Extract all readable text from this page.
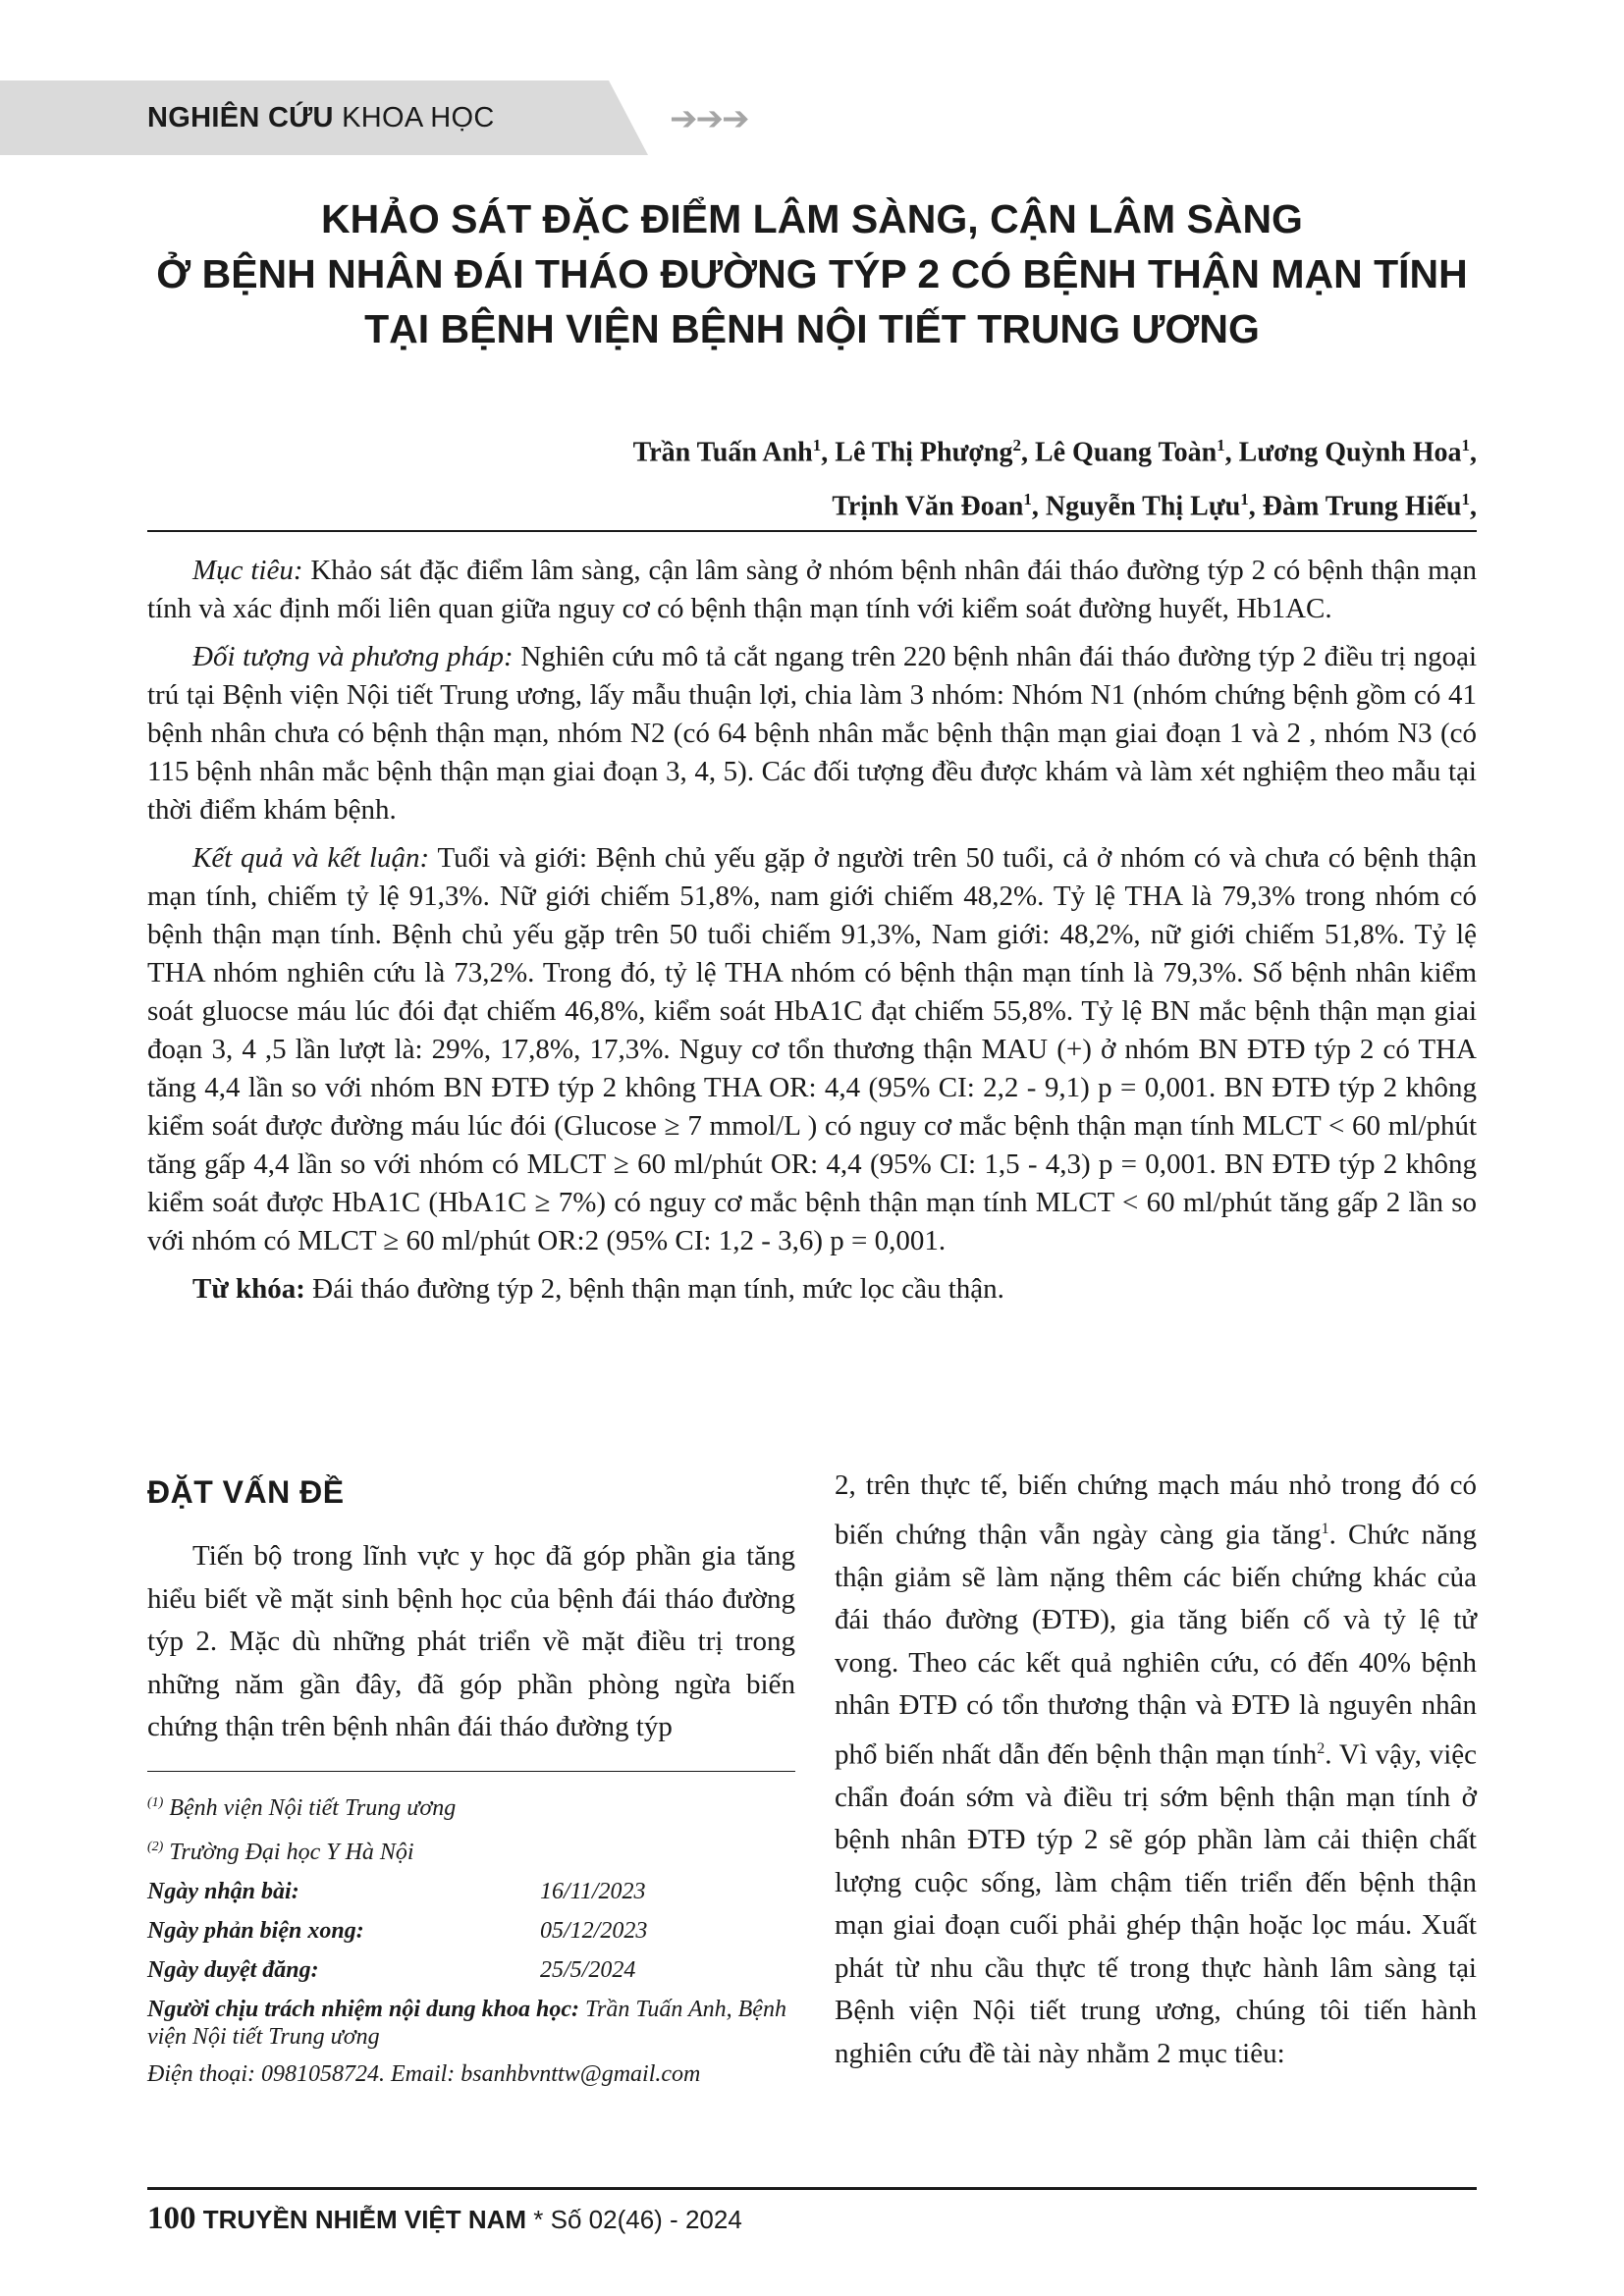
NGHIÊN CỨU KHOA HỌC	➔➔➔
KHẢO SÁT ĐẶC ĐIỂM LÂM SÀNG, CẬN LÂM SÀNG
Ở BỆNH NHÂN ĐÁI THÁO ĐƯỜNG TÝP 2 CÓ BỆNH THẬN MẠN TÍNH
TẠI BỆNH VIỆN BỆNH NỘI TIẾT TRUNG ƯƠNG
Trần Tuấn Anh$^1$, Lê Thị Phượng$^2$, Lê Quang Toàn$^1$, Lương Quỳnh Hoa$^1$,
Trịnh Văn Đoan$^1$, Nguyễn Thị Lựu$^1$, Đàm Trung Hiếu$^1$,

Mục tiêu: Khảo sát đặc điểm lâm sàng, cận lâm sàng ở nhóm bệnh nhân đái tháo đường týp 2 có bệnh thận mạn tính và xác định mối liên quan giữa nguy cơ có bệnh thận mạn tính với kiểm soát đường huyết, Hb1AC.

Đối tượng và phương pháp: Nghiên cứu mô tả cắt ngang trên 220 bệnh nhân đái tháo đường týp 2 điều trị ngoại trú tại Bệnh viện Nội tiết Trung ương, lấy mẫu thuận lợi, chia làm 3 nhóm: Nhóm N1 (nhóm chứng bệnh gồm có 41 bệnh nhân chưa có bệnh thận mạn, nhóm N2 (có 64 bệnh nhân mắc bệnh thận mạn giai đoạn 1 và 2 , nhóm N3 (có 115 bệnh nhân mắc bệnh thận mạn giai đoạn 3, 4, 5). Các đối tượng đều được khám và làm xét nghiệm theo mẫu tại thời điểm khám bệnh.

Kết quả và kết luận: Tuổi và giới: Bệnh chủ yếu gặp ở người trên 50 tuổi, cả ở nhóm có và chưa có bệnh thận mạn tính, chiếm tỷ lệ 91,3%. Nữ giới chiếm 51,8%, nam giới chiếm 48,2%. Tỷ lệ THA là 79,3% trong nhóm có bệnh thận mạn tính. Bệnh chủ yếu gặp trên 50 tuổi chiếm 91,3%, Nam giới: 48,2%, nữ giới chiếm 51,8%. Tỷ lệ THA nhóm nghiên cứu là 73,2%. Trong đó, tỷ lệ THA nhóm có bệnh thận mạn tính là 79,3%. Số bệnh nhân kiểm soát gluocse máu lúc đói đạt chiếm 46,8%, kiểm soát HbA1C đạt chiếm 55,8%. Tỷ lệ BN mắc bệnh thận mạn giai đoạn 3, 4 ,5 lần lượt là: 29%, 17,8%, 17,3%. Nguy cơ tổn thương thận MAU (+) ở nhóm BN ĐTĐ týp 2 có THA tăng 4,4 lần so với nhóm BN ĐTĐ týp 2 không THA OR: 4,4 (95% CI: 2,2 - 9,1) p = 0,001. BN ĐTĐ týp 2 không kiểm soát được đường máu lúc đói (Glucose ≥ 7 mmol/L ) có nguy cơ mắc bệnh thận mạn tính MLCT < 60 ml/phút tăng gấp 4,4 lần so với nhóm có MLCT ≥ 60 ml/phút OR: 4,4 (95% CI: 1,5 - 4,3) p = 0,001. BN ĐTĐ týp 2 không kiểm soát được HbA1C (HbA1C ≥ 7%) có nguy cơ mắc bệnh thận mạn tính MLCT < 60 ml/phút tăng gấp 2 lần so với nhóm có MLCT ≥ 60 ml/phút OR:2 (95% CI: 1,2 - 3,6) p = 0,001.

Từ khóa: Đái tháo đường týp 2, bệnh thận mạn tính, mức lọc cầu thận.

ĐẶT VẤN ĐỀ

Tiến bộ trong lĩnh vực y học đã góp phần gia tăng hiểu biết về mặt sinh bệnh học của bệnh đái tháo đường týp 2. Mặc dù những phát triển về mặt điều trị trong những năm gần đây, đã góp phần phòng ngừa biến chứng thận trên bệnh nhân đái tháo đường týp

$^{(1)}$ Bệnh viện Nội tiết Trung ương
$^{(2)}$ Trường Đại học Y Hà Nội
Ngày nhận bài:	16/11/2023
Ngày phản biện xong:	05/12/2023
Ngày duyệt đăng:	25/5/2024
Người chịu trách nhiệm nội dung khoa học: Trần Tuấn Anh, Bệnh viện Nội tiết Trung ương
Điện thoại: 0981058724. Email: bsanhbvnttw@gmail.com
2, trên thực tế, biến chứng mạch máu nhỏ trong đó có biến chứng thận vẫn ngày càng gia tăng$^1$. Chức năng thận giảm sẽ làm nặng thêm các biến chứng khác của đái tháo đường (ĐTĐ), gia tăng biến cố và tỷ lệ tử vong. Theo các kết quả nghiên cứu, có đến 40% bệnh nhân ĐTĐ có tổn thương thận và ĐTĐ là nguyên nhân phổ biến nhất dẫn đến bệnh thận mạn tính$^2$. Vì vậy, việc chẩn đoán sớm và điều trị sớm bệnh thận mạn tính ở bệnh nhân ĐTĐ týp 2 sẽ góp phần làm cải thiện chất lượng cuộc sống, làm chậm tiến triển đến bệnh thận mạn giai đoạn cuối phải ghép thận hoặc lọc máu. Xuất phát từ nhu cầu thực tế trong thực hành lâm sàng tại Bệnh viện Nội tiết trung ương, chúng tôi tiến hành nghiên cứu đề tài này nhằm 2 mục tiêu:
100 TRUYỀN NHIỄM VIỆT NAM * Số 02(46) - 2024
